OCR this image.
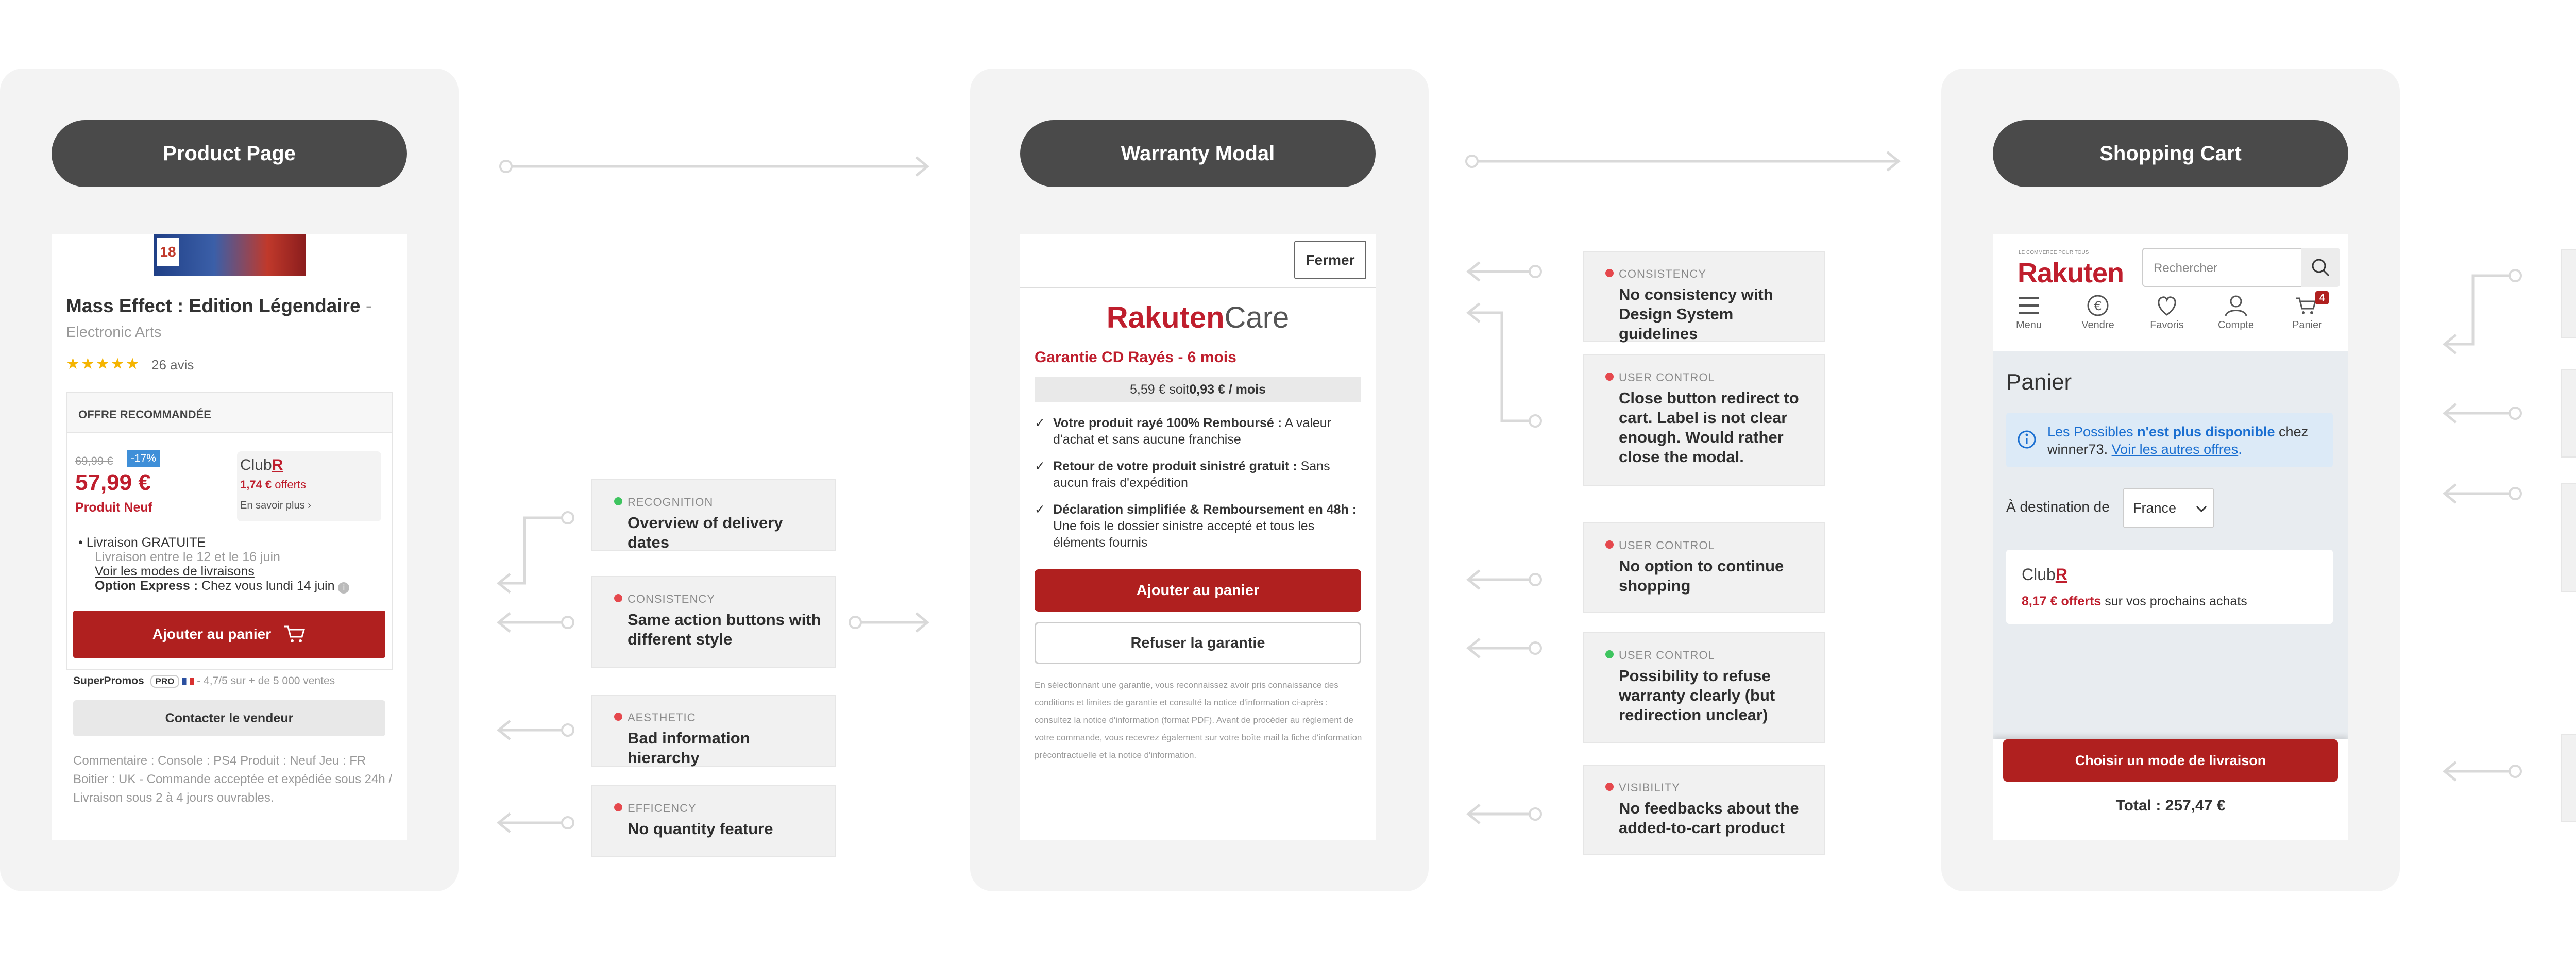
Product Page
18
Mass Effect : Edition Légendaire -
Electronic Arts
★★★★★ 26 avis
OFFRE RECOMMANDÉE
ClubR
1,74 € offerts
En savoir plus ›
69,99 €	-17%
57,99 €
Produit Neuf
• Livraison GRATUITE
Livraison entre le 12 et le 16 juin
Voir les modes de livraisons
Option Express : Chez vous lundi 14 juin i
Ajouter au panier
SuperPromos PRO - 4,7/5 sur + de 5 000 ventes
Contacter le vendeur
Commentaire : Console : PS4 Produit : Neuf Jeu : FR Boitier : UK - Commande acceptée et expédiée sous 24h / Livraison sous 2 à 4 jours ouvrables.
Warranty Modal
Fermer
RakutenCare
Garantie CD Rayés - 6 mois
5,59 € soit 0,93 € / mois
✓ Votre produit rayé 100% Remboursé : A valeur d'achat et sans aucune franchise
✓ Retour de votre produit sinistré gratuit : Sans aucun frais d'expédition
✓ Déclaration simplifiée & Remboursement en 48h : Une fois le dossier sinistre accepté et tous les éléments fournis
Ajouter au panier
Refuser la garantie
En sélectionnant une garantie, vous reconnaissez avoir pris connaissance des conditions et limites de garantie et consulté la notice d'information ci-après : consultez la notice d'information (format PDF). Avant de procéder au règlement de votre commande, vous recevrez également sur votre boîte mail la fiche d'information précontractuelle et la notice d'information.
Shopping Cart
LE COMMERCE POUR TOUS
Rakuten	Rechercher
Menu
€
Vendre	Favoris	Compte
4
Panier
Panier
Les Possibles n'est plus disponible chez winner73. Voir les autres offres.
À destination de	France
ClubR
8,17 € offerts sur vos prochains achats
Choisir un mode de livraison
Total : 257,47 €
RECOGNITION
Overview of delivery dates
CONSISTENCY
Same action buttons with different style
AESTHETIC
Bad information hierarchy
EFFICENCY
No quantity feature
CONSISTENCY
No consistency with Design System guidelines
USER CONTROL
Close button redirect to cart. Label is not clear enough. Would rather close the modal.
USER CONTROL
No option to continue shopping
USER CONTROL
Possibility to refuse warranty clearly (but redirection unclear)
VISIBILITY
No feedbacks about the added-to-cart product
